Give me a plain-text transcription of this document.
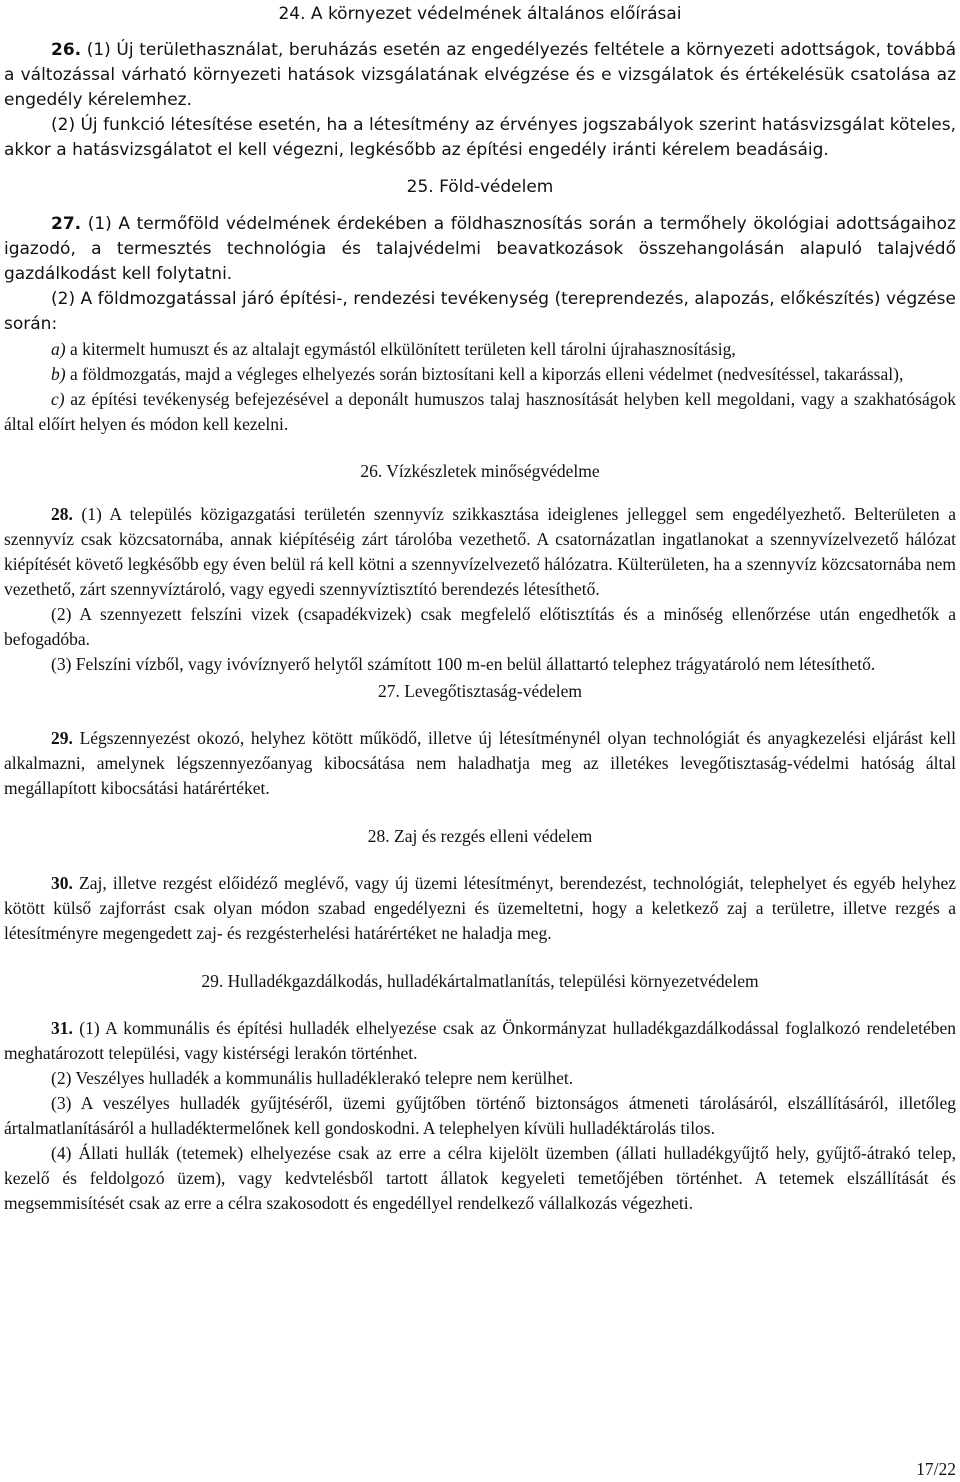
24. A környezet védelmének általános előírásai

26. (1) Új területhasználat, beruházás esetén az engedélyezés feltétele a környezeti adottságok, továbbá a változással várható környezeti hatások vizsgálatának elvégzése és e vizsgálatok és értékelésük csatolása az engedély kérelemhez.

(2) Új funkció létesítése esetén, ha a létesítmény az érvényes jogszabályok szerint hatásvizsgálat köteles, akkor a hatásvizsgálatot el kell végezni, legkésőbb az építési engedély iránti kérelem beadásáig.

25. Föld-védelem

27. (1) A termőföld védelmének érdekében a földhasznosítás során a termőhely ökológiai adottságaihoz igazodó, a termesztés technológia és talajvédelmi beavatkozások összehangolásán alapuló talajvédő gazdálkodást kell folytatni.

(2) A földmozgatással járó építési-, rendezési tevékenység (tereprendezés, alapozás, előkészítés) végzése során:

a) a kitermelt humuszt és az altalajt egymástól elkülönített területen kell tárolni újrahasznosításig,

b) a földmozgatás, majd a végleges elhelyezés során biztosítani kell a kiporzás elleni védelmet (nedvesítéssel, takarással),

c) az építési tevékenység befejezésével a deponált humuszos talaj hasznosítását helyben kell megoldani, vagy a szakhatóságok által előírt helyen és módon kell kezelni.

26. Vízkészletek minőségvédelme

28. (1) A település közigazgatási területén szennyvíz szikkasztása ideiglenes jelleggel sem engedélyezhető. Belterületen a szennyvíz csak közcsatornába, annak kiépítéséig zárt tárolóba vezethető. A csatornázatlan ingatlanokat a szennyvízelvezető hálózat kiépítését követő legkésőbb egy éven belül rá kell kötni a szennyvízelvezető hálózatra. Külterületen, ha a szennyvíz közcsatornába nem vezethető, zárt szennyvíztároló, vagy egyedi szennyvíztisztító berendezés létesíthető.

(2) A szennyezett felszíni vizek (csapadékvizek) csak megfelelő előtisztítás és a minőség ellenőrzése után engedhetők a befogadóba.

(3) Felszíni vízből, vagy ivóvíznyerő helytől számított 100 m-en belül állattartó telephez trágyatároló nem létesíthető.

27. Levegőtisztaság-védelem

29. Légszennyezést okozó, helyhez kötött működő, illetve új létesítménynél olyan technológiát és anyagkezelési eljárást kell alkalmazni, amelynek légszennyezőanyag kibocsátása nem haladhatja meg az illetékes levegőtisztaság-védelmi hatóság által megállapított kibocsátási határértéket.

28. Zaj és rezgés elleni védelem

30. Zaj, illetve rezgést előidéző meglévő, vagy új üzemi létesítményt, berendezést, technológiát, telephelyet és egyéb helyhez kötött külső zajforrást csak olyan módon szabad engedélyezni és üzemeltetni, hogy a keletkező zaj a területre, illetve rezgés a létesítményre megengedett zaj- és rezgésterhelési határértéket ne haladja meg.

29. Hulladékgazdálkodás, hulladékártalmatlanítás, települési környezetvédelem

31. (1) A kommunális és építési hulladék elhelyezése csak az Önkormányzat hulladékgazdálkodással foglalkozó rendeletében meghatározott települési, vagy kistérségi lerakón történhet.

(2) Veszélyes hulladék a kommunális hulladéklerakó telepre nem kerülhet.

(3) A veszélyes hulladék gyűjtéséről, üzemi gyűjtőben történő biztonságos átmeneti tárolásáról, elszállításáról, illetőleg ártalmatlanításáról a hulladéktermelőnek kell gondoskodni. A telephelyen kívüli hulladéktárolás tilos.

(4) Állati hullák (tetemek) elhelyezése csak az erre a célra kijelölt üzemben (állati hulladékgyűjtő hely, gyűjtő-átrakó telep, kezelő és feldolgozó üzem), vagy kedvtelésből tartott állatok kegyeleti temetőjében történhet. A tetemek elszállítását és megsemmisítését csak az erre a célra szakosodott és engedéllyel rendelkező vállalkozás végezheti.

17/22
